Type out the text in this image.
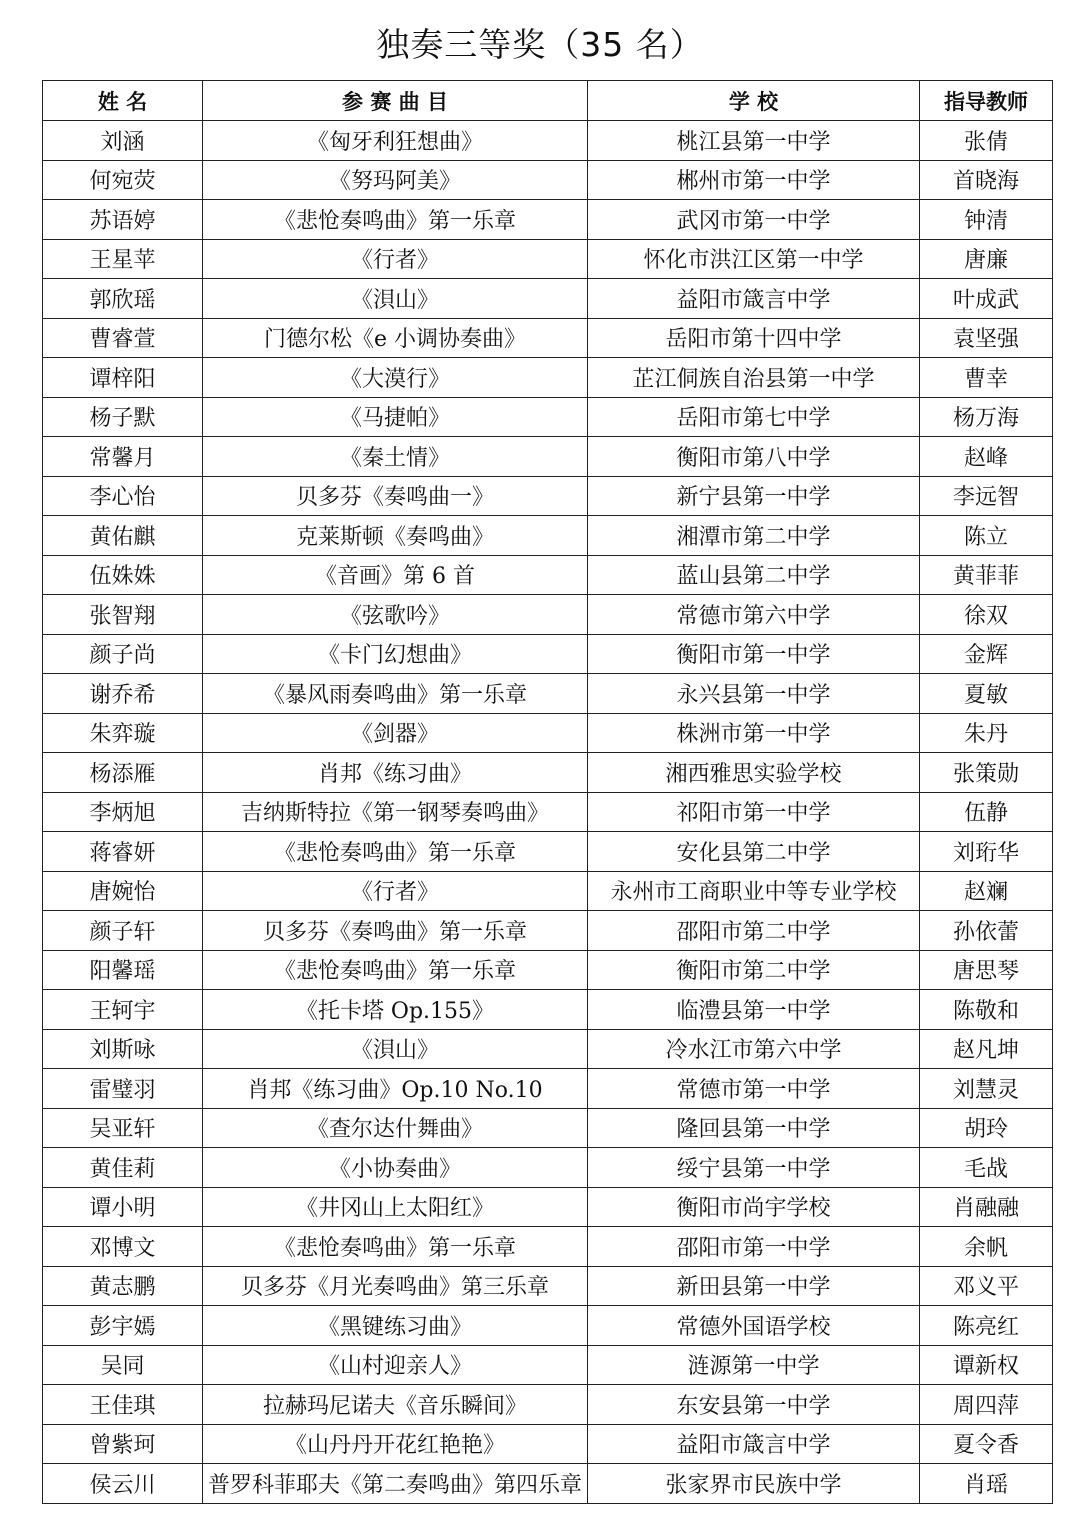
独奏三等奖（35 名）
姓 名	参 赛 曲 目	学 校	指导教师
刘涵	《匈牙利狂想曲》	桃江县第一中学	张倩
何宛荧	《努玛阿美》	郴州市第一中学	首晓海
苏语婷	《悲怆奏鸣曲》第一乐章	武冈市第一中学	钟清
王星苹	《行者》	怀化市洪江区第一中学	唐廉
郭欣瑶	《浿山》	益阳市箴言中学	叶成武
曹睿萱	门德尔松《e 小调协奏曲》	岳阳市第十四中学	袁坚强
谭梓阳	《大漠行》	芷江侗族自治县第一中学	曹幸
杨子默	《马捷帕》	岳阳市第七中学	杨万海
常馨月	《秦土情》	衡阳市第八中学	赵峰
李心怡	贝多芬《奏鸣曲一》	新宁县第一中学	李远智
黄佑麒	克莱斯顿《奏鸣曲》	湘潭市第二中学	陈立
伍姝姝	《音画》第 6 首	蓝山县第二中学	黄菲菲
张智翔	《弦歌吟》	常德市第六中学	徐双
颜子尚	《卡门幻想曲》	衡阳市第一中学	金辉
谢乔希	《暴风雨奏鸣曲》第一乐章	永兴县第一中学	夏敏
朱弈璇	《剑器》	株洲市第一中学	朱丹
杨添雁	肖邦《练习曲》	湘西雅思实验学校	张策勋
李炳旭	吉纳斯特拉《第一钢琴奏鸣曲》	祁阳市第一中学	伍静
蒋睿妍	《悲怆奏鸣曲》第一乐章	安化县第二中学	刘珩华
唐婉怡	《行者》	永州市工商职业中等专业学校	赵斓
颜子轩	贝多芬《奏鸣曲》第一乐章	邵阳市第二中学	孙依蕾
阳馨瑶	《悲怆奏鸣曲》第一乐章	衡阳市第二中学	唐思琴
王轲宇	《托卡塔 Op.155》	临澧县第一中学	陈敬和
刘斯咏	《浿山》	冷水江市第六中学	赵凡坤
雷璧羽	肖邦《练习曲》Op.10 No.10	常德市第一中学	刘慧灵
吴亚轩	《查尔达什舞曲》	隆回县第一中学	胡玲
黄佳莉	《小协奏曲》	绥宁县第一中学	毛战
谭小明	《井冈山上太阳红》	衡阳市尚宇学校	肖融融
邓博文	《悲怆奏鸣曲》第一乐章	邵阳市第一中学	余帆
黄志鹏	贝多芬《月光奏鸣曲》第三乐章	新田县第一中学	邓义平
彭宇嫣	《黑键练习曲》	常德外国语学校	陈亮红
吴同	《山村迎亲人》	涟源第一中学	谭新权
王佳琪	拉赫玛尼诺夫《音乐瞬间》	东安县第一中学	周四萍
曾紫珂	《山丹丹开花红艳艳》	益阳市箴言中学	夏令香
侯云川	普罗科菲耶夫《第二奏鸣曲》第四乐章	张家界市民族中学	肖瑶
